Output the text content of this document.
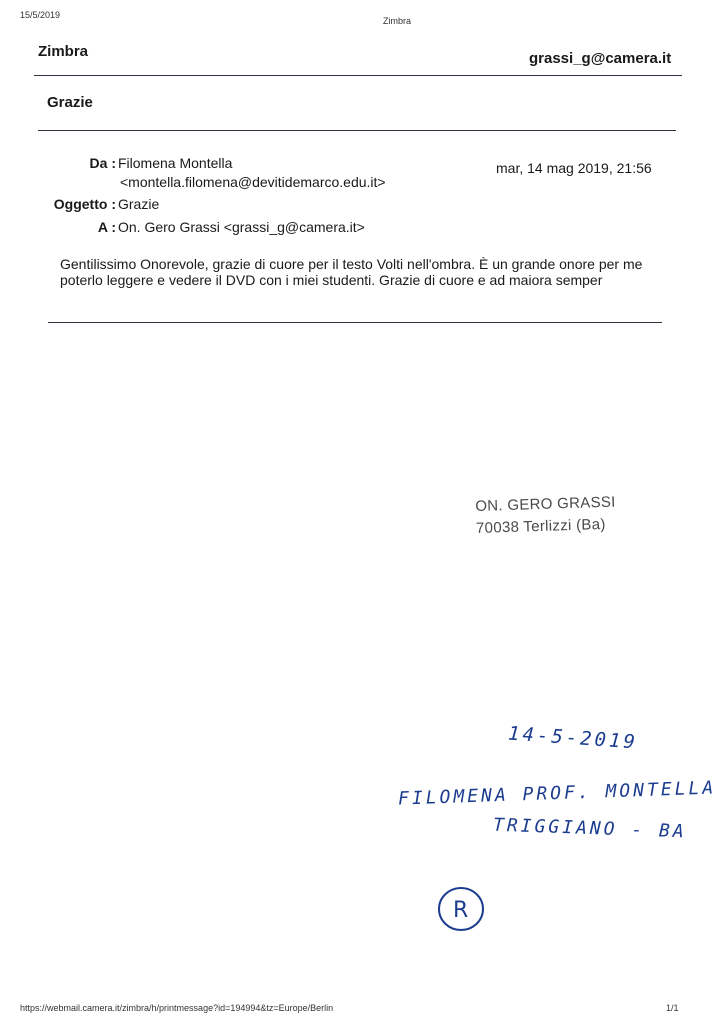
15/5/2019
Zimbra
Zimbra	grassi_g@camera.it
Grazie
Da : Filomena Montella
<montella.filomena@devitidemarco.edu.it>
mar, 14 mag 2019, 21:56
Oggetto : Grazie
A : On. Gero Grassi <grassi_g@camera.it>
Gentilissimo Onorevole, grazie di cuore per il testo Volti nell'ombra. È un grande onore per me poterlo leggere e vedere il DVD con i miei studenti. Grazie di cuore e ad maiora semper
ON. GERO GRASSI
70038 Terlizzi (Ba)
14-5-2019
FILOMENA PROF. MONTELLA
TRIGGIANO - BA
R
https://webmail.camera.it/zimbra/h/printmessage?id=194994&tz=Europe/Berlin	1/1
